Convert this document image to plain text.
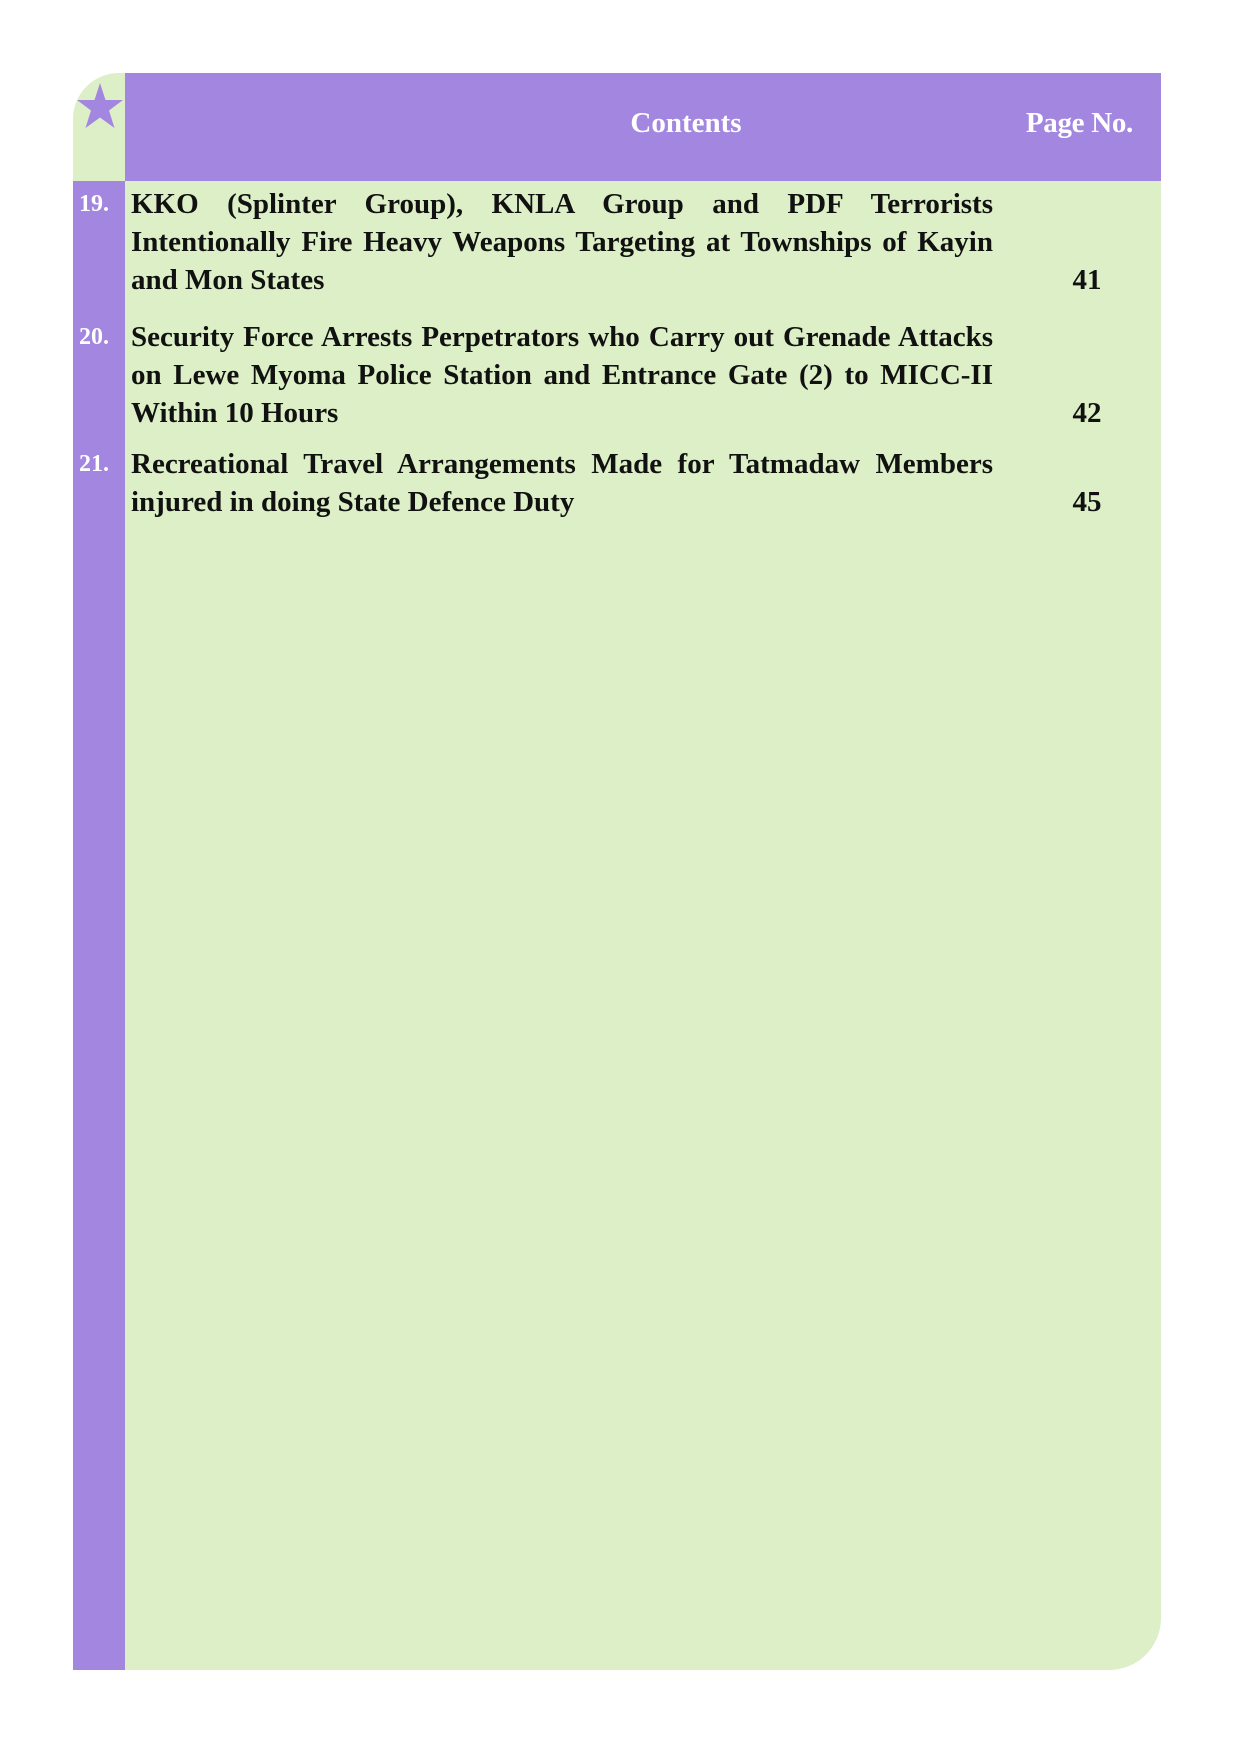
Contents	Page No.
19. KKO (Splinter Group), KNLA Group and PDF Terrorists Intentionally Fire Heavy Weapons Targeting at Townships of Kayin and Mon States	41
20. Security Force Arrests Perpetrators who Carry out Grenade Attacks on Lewe Myoma Police Station and Entrance Gate (2) to MICC-II Within 10 Hours	42
21. Recreational Travel Arrangements Made for Tatmadaw Members injured in doing State Defence Duty	45
